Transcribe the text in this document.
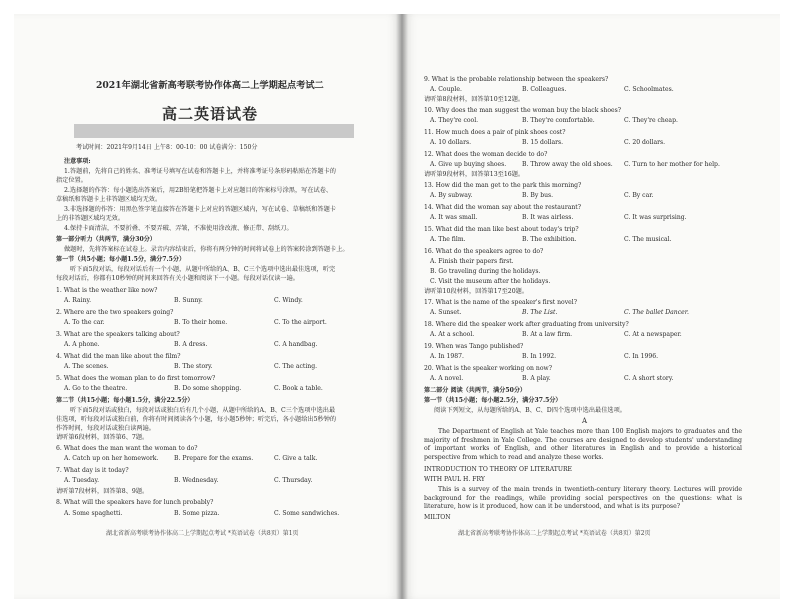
2021年湖北省新高考联考协作体高二上学期起点考试二
高二英语试卷
考试时间：2021年9月14日 上午8：00-10：00 试卷满分：150分
注意事项:
1.答题前，先将自己的姓名、准考证号填写在试卷和答题卡上，并将准考证号条形码粘贴在答题卡的
指定位置。
2.选择题的作答：每小题选出答案后，用2B铅笔把答题卡上对应题目的答案标号涂黑，写在试卷、
草稿纸和答题卡上非答题区域均无效。
3.非选择题的作答：用黑色签字笔直接答在答题卡上对应的答题区域内，写在试卷、草稿纸和答题卡
上的非答题区域均无效。
4.保持卡面清洁，不要折叠、不要弄破、弄皱，不准使用涂改液、修正带、刮纸刀。
第一部分听力（共两节，满分30分）
做题时，先将答案标在试卷上。录音内容结束后，你将有两分钟的时间将试卷上的答案转涂到答题卡上。
第一节（共5小题；每小题1.5分，满分7.5分）
听下面5段对话，每段对话后有一个小题，从题中所给的A、B、C三个选项中选出最佳选项，听完
每段对话后，你都有10秒钟的时间来回答有关小题和阅读下一小题。每段对话仅读一遍。
1. What is the weather like now?
A. Rainy.	B. Sunny.	C. Windy.
2. Where are the two speakers going?
A. To the car.	B. To their home.	C. To the airport.
3. What are the speakers talking about?
A. A phone.	B. A dress.	C. A handbag.
4. What did the man like about the film?
A. The scenes.	B. The story.	C. The acting.
5. What does the woman plan to do first tomorrow?
A. Go to the theatre.	B. Do some shopping.	C. Book a table.
第二节（共15小题；每小题1.5分，满分22.5分）
听下面5段对话或独白，每段对话或独白后有几个小题，从题中所给的A、B、C三个选项中选出最
佳选项，听每段对话或独白前，你将有时间阅读各个小题，每小题5秒钟；听完后，各小题给出5秒钟的
作答时间，每段对话或独白读两遍。
请听第6段材料，回答第6、7题。
6. What does the man want the woman to do?
A. Catch up on her homework.	B. Prepare for the exams.	C. Give a talk.
7. What day is it today?
A. Tuesday.	B. Wednesday.	C. Thursday.
请听第7段材料，回答第8、9题。
8. What will the speakers have for lunch probably?
A. Some spaghetti.	B. Some pizza.	C. Some sandwiches.
湖北省新高考联考协作体高二上学期起点考试 *英语试卷（共8页）第1页
9. What is the probable relationship between the speakers?
A. Couple.	B. Colleagues.	C. Schoolmates.
请听第8段材料，回答第10至12题。
10. Why does the man suggest the woman buy the black shoes?
A. They're cool.	B. They're comfortable.	C. They're cheap.
11. How much does a pair of pink shoes cost?
A. 10 dollars.	B. 15 dollars.	C. 20 dollars.
12. What does the woman decide to do?
A. Give up buying shoes.	B. Throw away the old shoes. C. Turn to her mother for help.
请听第9段材料，回答第13至16题。
13. How did the man get to the park this morning?
A. By subway.	B. By bus.	C. By car.
14. What did the woman say about the restaurant?
A. It was small.	B. It was airless.	C. It was surprising.
15. What did the man like best about today's trip?
A. The film.	B. The exhibition.	C. The musical.
16. What do the speakers agree to do?
A. Finish their papers first.
B. Go traveling during the holidays.
C. Visit the museum after the holidays.
请听第10段材料，回答第17至20题。
17. What is the name of the speaker's first novel?
A. Sunset.	B. The List.	C. The ballet Dancer.
18. Where did the speaker work after graduating from university?
A. At a school.	B. At a law firm.	C. At a newspaper.
19. When was Tango published?
A. In 1987.	B. In 1992.	C. In 1996.
20. What is the speaker working on now?
A. A novel.	B. A play.	C. A short story.
第二部分 阅读（共两节，满分50分）
第一节（共15小题；每小题2.5分，满分37.5分）
阅读下列短文，从每题所给的A、B、C、D四个选项中选出最佳选项。
A
The Department of English at Yale teaches more than 100 English majors to graduates and the majority of freshmen in Yale College. The courses are designed to develop students' understanding of important works of English, and other literatures in English and to provide a historical perspective from which to read and analyze these works.
INTRODUCTION TO THEORY OF LITERATURE
WITH PAUL H. FRY
This is a survey of the main trends in twentieth-century literary theory. Lectures will provide background for the readings, while providing social perspectives on the questions: what is literature, how is it produced, how can it be understood, and what is its purpose?
MILTON
湖北省新高考联考协作体高二上学期起点考试 *英语试卷（共8页）第2页
